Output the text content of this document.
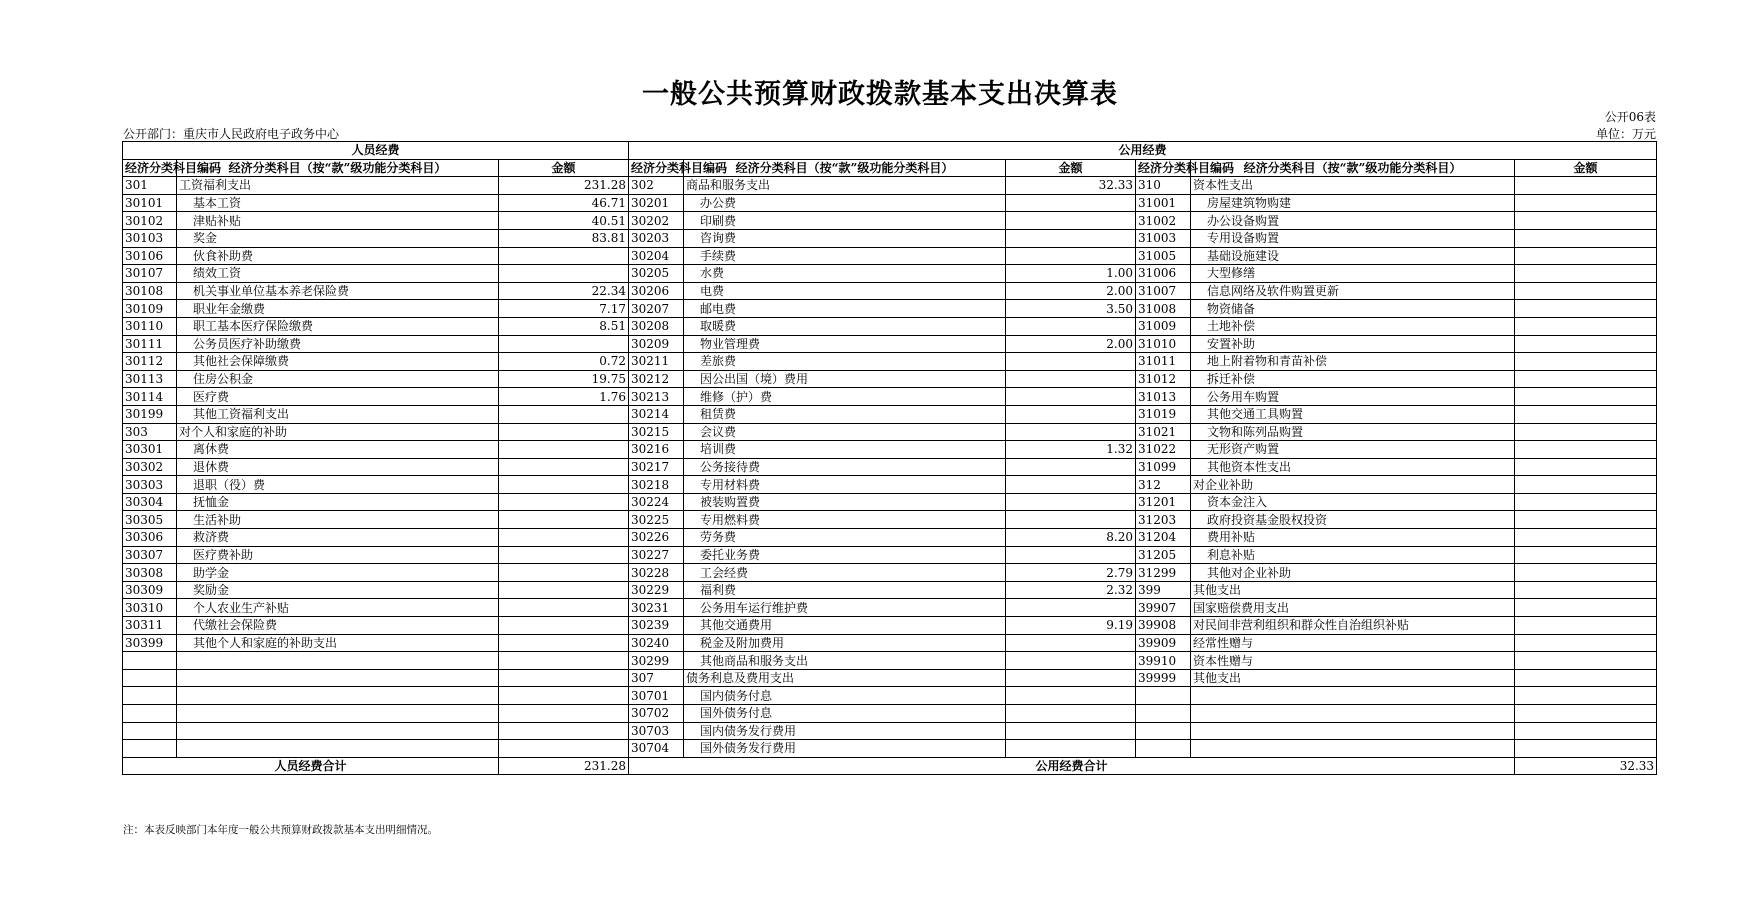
一般公共预算财政拨款基本支出决算表
公开06表
公开部门：重庆市人民政府电子政务中心	单位：万元
人员经费			公用经费					
经济分类科目编码	经济分类科目（按“款”级功能分类科目）	金额	经济分类科目编码	经济分类科目（按“款”级功能分类科目）	金额	经济分类科目编码	经济分类科目（按“款”级功能分类科目）	金额
301	工资福利支出	231.28	302	商品和服务支出	32.33	310	资本性支出	
30101	基本工资	46.71	30201	办公费		31001	房屋建筑物购建	
30102	津贴补贴	40.51	30202	印刷费		31002	办公设备购置	
30103	奖金	83.81	30203	咨询费		31003	专用设备购置	
30106	伙食补助费		30204	手续费		31005	基础设施建设	
30107	绩效工资		30205	水费	1.00	31006	大型修缮	
30108	机关事业单位基本养老保险费	22.34	30206	电费	2.00	31007	信息网络及软件购置更新	
30109	职业年金缴费	7.17	30207	邮电费	3.50	31008	物资储备	
30110	职工基本医疗保险缴费	8.51	30208	取暖费		31009	土地补偿	
30111	公务员医疗补助缴费		30209	物业管理费	2.00	31010	安置补助	
30112	其他社会保障缴费	0.72	30211	差旅费		31011	地上附着物和青苗补偿	
30113	住房公积金	19.75	30212	因公出国（境）费用		31012	拆迁补偿	
30114	医疗费	1.76	30213	维修（护）费		31013	公务用车购置	
30199	其他工资福利支出		30214	租赁费		31019	其他交通工具购置	
303	对个人和家庭的补助		30215	会议费		31021	文物和陈列品购置	
30301	离休费		30216	培训费	1.32	31022	无形资产购置	
30302	退休费		30217	公务接待费		31099	其他资本性支出	
30303	退职（役）费		30218	专用材料费		312	对企业补助	
30304	抚恤金		30224	被装购置费		31201	资本金注入	
30305	生活补助		30225	专用燃料费		31203	政府投资基金股权投资	
30306	救济费		30226	劳务费	8.20	31204	费用补贴	
30307	医疗费补助		30227	委托业务费		31205	利息补贴	
30308	助学金		30228	工会经费	2.79	31299	其他对企业补助	
30309	奖励金		30229	福利费	2.32	399	其他支出	
30310	个人农业生产补贴		30231	公务用车运行维护费		39907	国家赔偿费用支出	
30311	代缴社会保险费		30239	其他交通费用	9.19	39908	对民间非营利组织和群众性自治组织补贴	
30399	其他个人和家庭的补助支出		30240	税金及附加费用		39909	经常性赠与	
			30299	其他商品和服务支出		39910	资本性赠与	
			307	债务利息及费用支出		39999	其他支出	
			30701	国内债务付息				
			30702	国外债务付息				
			30703	国内债务发行费用				
			30704	国外债务发行费用				
人员经费合计		231.28	公用经费合计					32.33
注：本表反映部门本年度一般公共预算财政拨款基本支出明细情况。
